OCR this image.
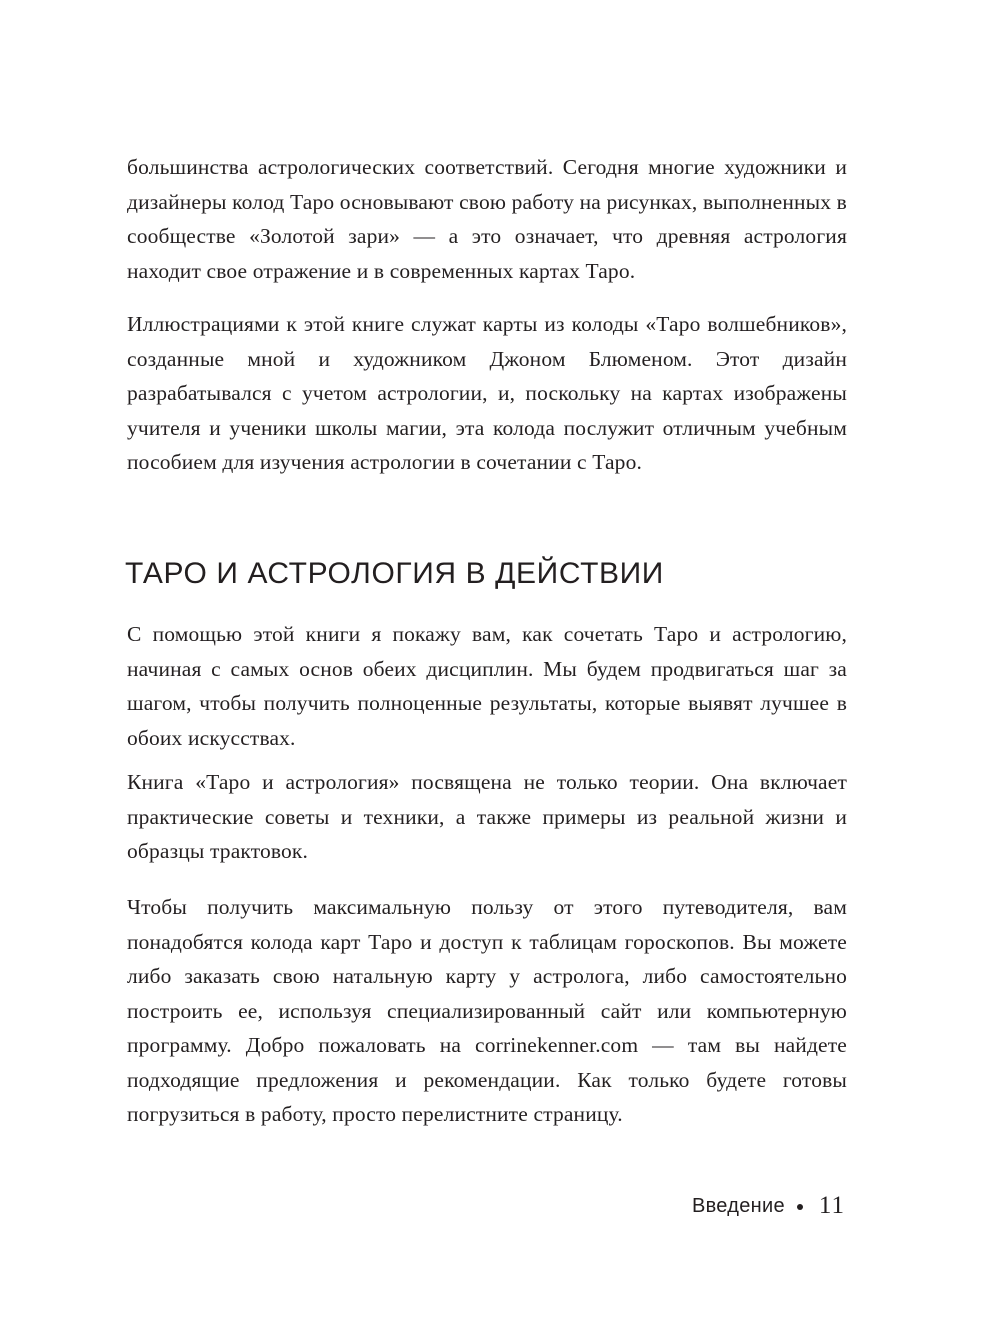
большинства астрологических соответствий. Сегодня многие художники и дизайнеры колод Таро основывают свою работу на рисунках, выполненных в сообществе «Золотой зари» — а это означает, что древняя астрология находит свое отражение и в современных картах Таро.

Иллюстрациями к этой книге служат карты из колоды «Таро волшебников», созданные мной и художником Джоном Блюменом. Этот дизайн разрабатывался с учетом астрологии, и, поскольку на картах изображены учителя и ученики школы магии, эта колода послужит отличным учебным пособием для изучения астрологии в сочетании с Таро.

ТАРО И АСТРОЛОГИЯ В ДЕЙСТВИИ

С помощью этой книги я покажу вам, как сочетать Таро и астрологию, начиная с самых основ обеих дисциплин. Мы будем продвигаться шаг за шагом, чтобы получить полноценные результаты, которые выявят лучшее в обоих искусствах.

Книга «Таро и астрология» посвящена не только теории. Она включает практические советы и техники, а также примеры из реальной жизни и образцы трактовок.

Чтобы получить максимальную пользу от этого путеводителя, вам понадобятся колода карт Таро и доступ к таблицам гороскопов. Вы можете либо заказать свою натальную карту у астролога, либо самостоятельно построить ее, используя специализированный сайт или компьютерную программу. Добро пожаловать на corrinekenner.com — там вы найдете подходящие предложения и рекомендации. Как только будете готовы погрузиться в работу, просто перелистните страницу.

Введение 11
